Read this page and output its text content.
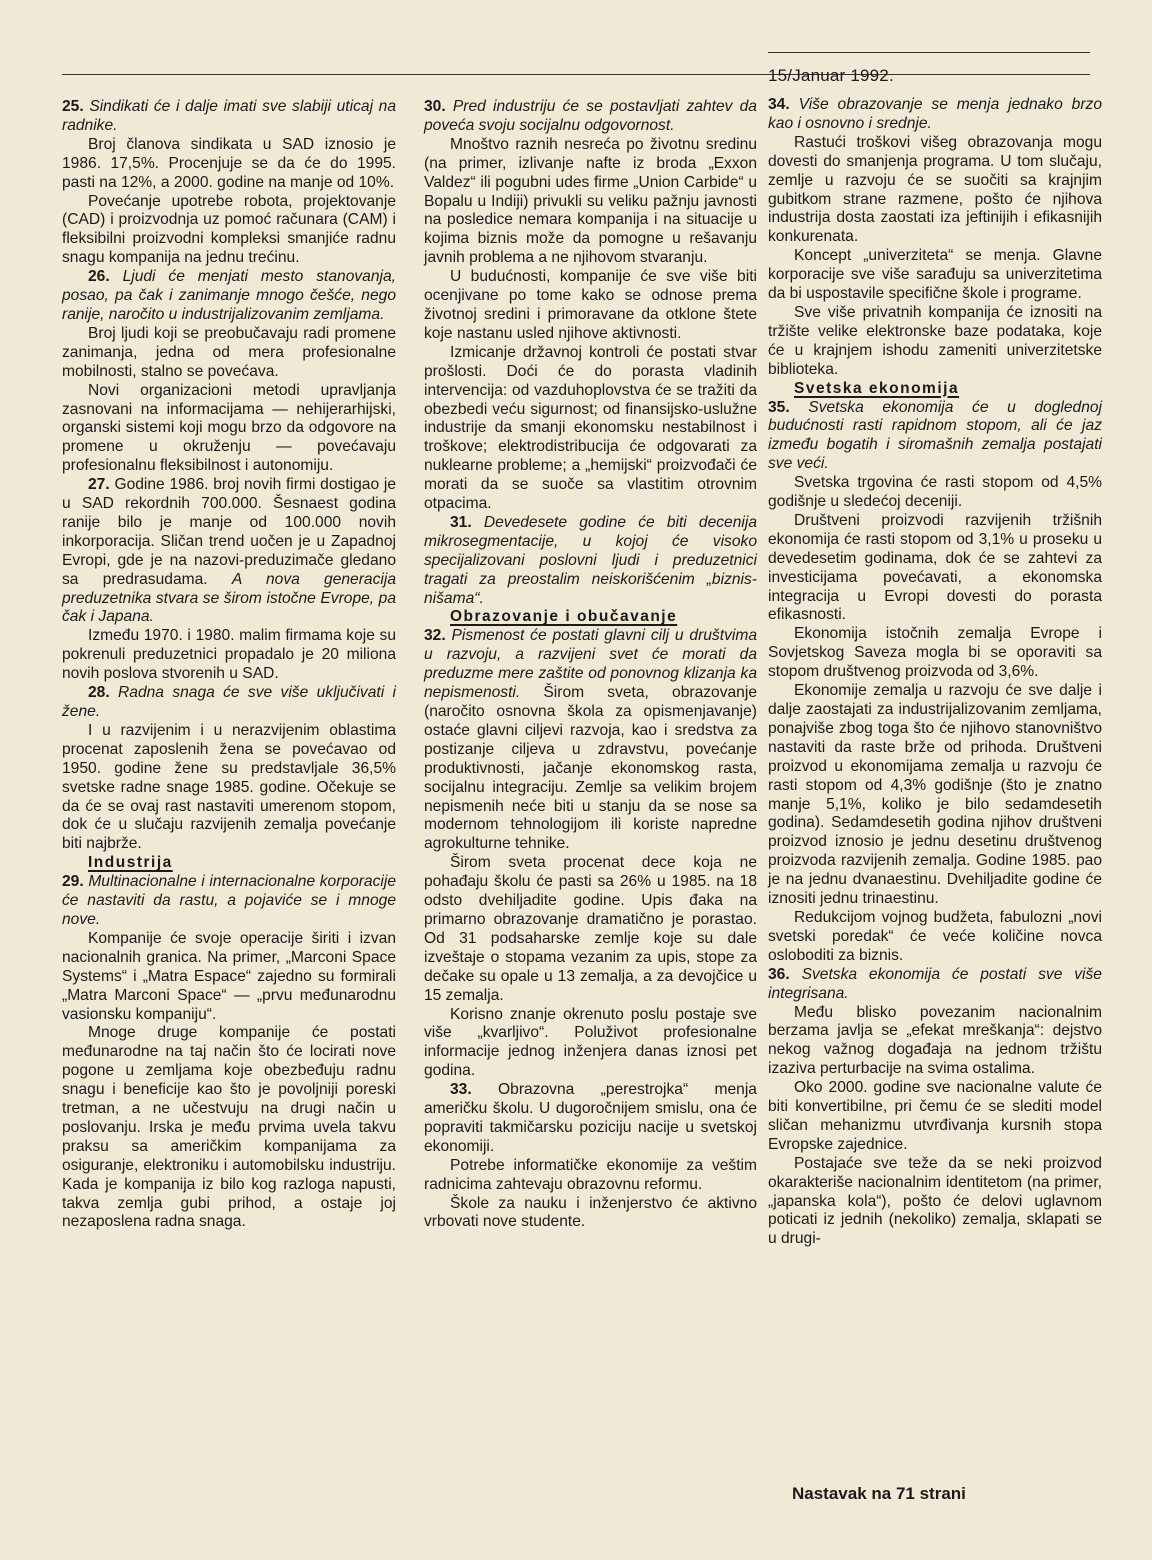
15/Januar 1992.

25. Sindikati će i dalje imati sve slabiji uticaj na radnike.

Broj članova sindikata u SAD iznosio je 1986. 17,5%. Procenjuje se da će do 1995. pasti na 12%, a 2000. godine na manje od 10%.

Povećanje upotrebe robota, projektovanje (CAD) i proizvodnja uz pomoć računara (CAM) i fleksibilni proizvodni kompleksi smanjiće radnu snagu kompanija na jednu trećinu.

26. Ljudi će menjati mesto stanovanja, posao, pa čak i zanimanje mnogo češće, nego ranije, naročito u industrijalizovanim zemljama.

Broj ljudi koji se preobučavaju radi promene zanimanja, jedna od mera profesionalne mobilnosti, stalno se povećava.

Novi organizacioni metodi upravljanja zasnovani na informacijama — nehijerarhijski, organski sistemi koji mogu brzo da odgovore na promene u okruženju — povećavaju profesionalnu fleksibilnost i autonomiju.

27. Godine 1986. broj novih firmi dostigao je u SAD rekordnih 700.000. Šesnaest godina ranije bilo je manje od 100.000 novih inkorporacija. Sličan trend uočen je u Zapadnoj Evropi, gde je na nazovi-preduzimače gledano sa predrasudama. A nova generacija preduzetnika stvara se širom istočne Evrope, pa čak i Japana.

Između 1970. i 1980. malim firmama koje su pokrenuli preduzetnici propadalo je 20 miliona novih poslova stvorenih u SAD.

28. Radna snaga će sve više uključivati i žene.

I u razvijenim i u nerazvijenim oblastima procenat zaposlenih žena se povećavao od 1950. godine žene su predstavljale 36,5% svetske radne snage 1985. godine. Očekuje se da će se ovaj rast nastaviti umerenom stopom, dok će u slučaju razvijenih zemalja povećanje biti najbrže.

Industrija

29. Multinacionalne i internacionalne korporacije će nastaviti da rastu, a pojaviće se i mnoge nove.

Kompanije će svoje operacije širiti i izvan nacionalnih granica. Na primer, „Marconi Space Systems“ i „Matra Espace“ zajedno su formirali „Matra Marconi Space“ — „prvu međunarodnu vasionsku kompaniju“.

Mnoge druge kompanije će postati međunarodne na taj način što će locirati nove pogone u zemljama koje obezbeđuju radnu snagu i beneficije kao što je povoljniji poreski tretman, a ne učestvuju na drugi način u poslovanju. Irska je među prvima uvela takvu praksu sa američkim kompanijama za osiguranje, elektroniku i automobilsku industriju. Kada je kompanija iz bilo kog razloga napusti, takva zemlja gubi prihod, a ostaje joj nezaposlena radna snaga.

30. Pred industriju će se postavljati zahtev da poveća svoju socijalnu odgovornost.

Mnoštvo raznih nesreća po životnu sredinu (na primer, izlivanje nafte iz broda „Exxon Valdez“ ili pogubni udes firme „Union Carbide“ u Bopalu u Indiji) privukli su veliku pažnju javnosti na posledice nemara kompanija i na situacije u kojima biznis može da pomogne u rešavanju javnih problema a ne njihovom stvaranju.

U budućnosti, kompanije će sve više biti ocenjivane po tome kako se odnose prema životnoj sredini i primoravane da otklone štete koje nastanu usled njihove aktivnosti.

Izmicanje državnoj kontroli će postati stvar prošlosti. Doći će do porasta vladinih intervencija: od vazduhoplovstva će se tražiti da obezbedi veću sigurnost; od finansijsko-uslužne industrije da smanji ekonomsku nestabilnost i troškove; elektrodistribucija će odgovarati za nuklearne probleme; a „hemijski“ proizvođači će morati da se suoče sa vlastitim otrovnim otpacima.

31. Devedesete godine će biti decenija mikrosegmentacije, u kojoj će visoko specijalizovani poslovni ljudi i preduzetnici tragati za preostalim neiskorišćenim „biznis-nišama“.

Obrazovanje i obučavanje

32. Pismenost će postati glavni cilj u društvima u razvoju, a razvijeni svet će morati da preduzme mere zaštite od ponovnog klizanja ka nepismenosti. Širom sveta, obrazovanje (naročito osnovna škola za opismenjavanje) ostaće glavni ciljevi razvoja, kao i sredstva za postizanje ciljeva u zdravstvu, povećanje produktivnosti, jačanje ekonomskog rasta, socijalnu integraciju. Zemlje sa velikim brojem nepismenih neće biti u stanju da se nose sa modernom tehnologijom ili koriste napredne agrokulturne tehnike.

Širom sveta procenat dece koja ne pohađaju školu će pasti sa 26% u 1985. na 18 odsto dvehiljadite godine. Upis đaka na primarno obrazovanje dramatično je porastao. Od 31 podsaharske zemlje koje su dale izveštaje o stopama vezanim za upis, stope za dečake su opale u 13 zemalja, a za devojčice u 15 zemalja.

Korisno znanje okrenuto poslu postaje sve više „kvarljivo“. Poluživot profesionalne informacije jednog inženjera danas iznosi pet godina.

33. Obrazovna „perestrojka“ menja američku školu. U dugoročnijem smislu, ona će popraviti takmičarsku poziciju nacije u svetskoj ekonomiji.

Potrebe informatičke ekonomije za veštim radnicima zahtevaju obrazovnu reformu.

Škole za nauku i inženjerstvo će aktivno vrbovati nove studente.

34. Više obrazovanje se menja jednako brzo kao i osnovno i srednje.

Rastući troškovi višeg obrazovanja mogu dovesti do smanjenja programa. U tom slučaju, zemlje u razvoju će se suočiti sa krajnjim gubitkom strane razmene, pošto će njihova industrija dosta zaostati iza jeftinijih i efikasnijih konkurenata.

Koncept „univerziteta“ se menja. Glavne korporacije sve više sarađuju sa univerzitetima da bi uspostavile specifične škole i programe.

Sve više privatnih kompanija će iznositi na tržište velike elektronske baze podataka, koje će u krajnjem ishodu zameniti univerzitetske biblioteka.

Svetska ekonomija

35. Svetska ekonomija će u doglednoj budućnosti rasti rapidnom stopom, ali će jaz između bogatih i siromašnih zemalja postajati sve veći.

Svetska trgovina će rasti stopom od 4,5% godišnje u sledećoj deceniji.

Društveni proizvodi razvijenih tržišnih ekonomija će rasti stopom od 3,1% u proseku u devedesetim godinama, dok će se zahtevi za investicijama povećavati, a ekonomska integracija u Evropi dovesti do porasta efikasnosti.

Ekonomija istočnih zemalja Evrope i Sovjetskog Saveza mogla bi se oporaviti sa stopom društvenog proizvoda od 3,6%.

Ekonomije zemalja u razvoju će sve dalje i dalje zaostajati za industrijalizovanim zemljama, ponajviše zbog toga što će njihovo stanovništvo nastaviti da raste brže od prihoda. Društveni proizvod u ekonomijama zemalja u razvoju će rasti stopom od 4,3% godišnje (što je znatno manje 5,1%, koliko je bilo sedamdesetih godina). Sedamdesetih godina njihov društveni proizvod iznosio je jednu desetinu društvenog proizvoda razvijenih zemalja. Godine 1985. pao je na jednu dvanaestinu. Dvehiljadite godine će iznositi jednu trinaestinu.

Redukcijom vojnog budžeta, fabulozni „novi svetski poredak“ će veće količine novca osloboditi za biznis.

36. Svetska ekonomija će postati sve više integrisana.

Među blisko povezanim nacionalnim berzama javlja se „efekat mreškanja“: dejstvo nekog važnog događaja na jednom tržištu izaziva perturbacije na svima ostalima.

Oko 2000. godine sve nacionalne valute će biti konvertibilne, pri čemu će se slediti model sličan mehanizmu utvrđivanja kursnih stopa Evropske zajednice.

Postajaće sve teže da se neki proizvod okarakteriše nacionalnim identitetom (na primer, „japanska kola“), pošto će delovi uglavnom poticati iz jednih (nekoliko) zemalja, sklapati se u drugi-

Nastavak na 71 strani
